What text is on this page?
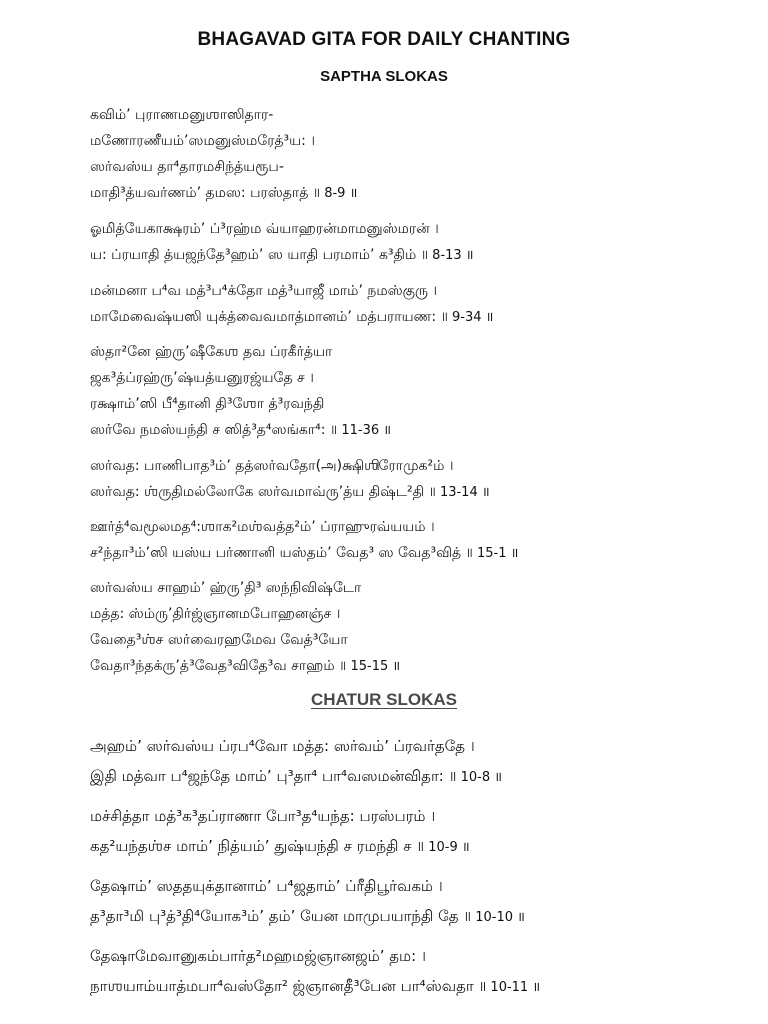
BHAGAVAD GITA FOR DAILY CHANTING
SAPTHA SLOKAS
கவிம்’ புராணமனுஶாஸிதார-
மணோரணீயம்’ஸமனுஸ்மரேத்³ய: ।
ஸர்வஸ்ய தா⁴தாரமசிந்த்யரூப-
மாதி³த்யவர்ணம்’ தமஸ: பரஸ்தாத் ॥ 8-9 ॥
ஓமித்யேகாக்ஷரம்’ ப்³ரஹ்ம வ்யாஹரன்மாமனுஸ்மரன் ।
ய: ப்ரயாதி த்யஜந்தே³ஹம்’ ஸ யாதி பரமாம்’ க³திம் ॥ 8-13 ॥
மன்மனா ப⁴வ மத்³ப⁴க்தோ மத்³யாஜீ மாம்’ நமஸ்குரு ।
மாமேவைஷ்யஸி யுக்த்வைவமாத்மானம்’ மத்பராயண: ॥ 9-34 ॥
ஸ்தா²னே ஹ்ரு’ஷீகேஶ தவ ப்ரகீர்த்யா
ஜக³த்ப்ரஹ்ரு’ஷ்யத்யனுரஜ்யதே ச ।
ரக்ஷாம்’ஸி பீ⁴தானி தி³ஶோ த்³ரவந்தி
ஸர்வே நமஸ்யந்தி ச ஸித்³த⁴ஸங்கா⁴: ॥ 11-36 ॥
ஸர்வத: பாணிபாத³ம்’ தத்ஸர்வதோ(அ)க்ஷிஶிரோமுக²ம் ।
ஸர்வத: ஶ்ருதிமல்லோகே ஸர்வமாவ்ரு’த்ய திஷ்ட²தி ॥ 13-14 ॥
ஊர்த்⁴வமூலமத⁴:ஶாக²மஶ்வத்த²ம்’ ப்ராஹுரவ்யயம் ।
ச²ந்தா³ம்’ஸி யஸ்ய பர்ணானி யஸ்தம்’ வேத³ ஸ வேத³வித் ॥ 15-1 ॥
ஸர்வஸ்ய சாஹம்’ ஹ்ரு’தி³ ஸந்நிவிஷ்டோ
மத்த: ஸ்ம்ரு’திர்ஜ்ஞானமபோஹனஞ்ச ।
வேதை³ஶ்ச ஸர்வைரஹமேவ வேத்³யோ
வேதா³ந்தக்ரு’த்³வேத³விதே³வ சாஹம் ॥ 15-15 ॥
CHATUR SLOKAS
அஹம்’ ஸர்வஸ்ய ப்ரப⁴வோ மத்த: ஸர்வம்’ ப்ரவர்ததே ।
இதி மத்வா ப⁴ஜந்தே மாம்’ பு³தா⁴ பா⁴வஸமன்விதா: ॥ 10-8 ॥
மச்சித்தா மத்³க³தப்ராணா போ³த⁴யந்த: பரஸ்பரம் ।
கத²யந்தஶ்ச மாம்’ நித்யம்’ துஷ்யந்தி ச ரமந்தி ச ॥ 10-9 ॥
தேஷாம்’ ஸததயுக்தானாம்’ ப⁴ஜதாம்’ ப்ரீதிபூர்வகம் ।
த³தா³மி பு³த்³தி⁴யோக³ம்’ தம்’ யேன மாமுபயாந்தி தே ॥ 10-10 ॥
தேஷாமேவானுகம்பார்த²மஹமஜ்ஞானஜம்’ தம: ।
நாஶயாம்யாத்மபா⁴வஸ்தோ² ஜ்ஞானதீ³பேன பா⁴ஸ்வதா ॥ 10-11 ॥
